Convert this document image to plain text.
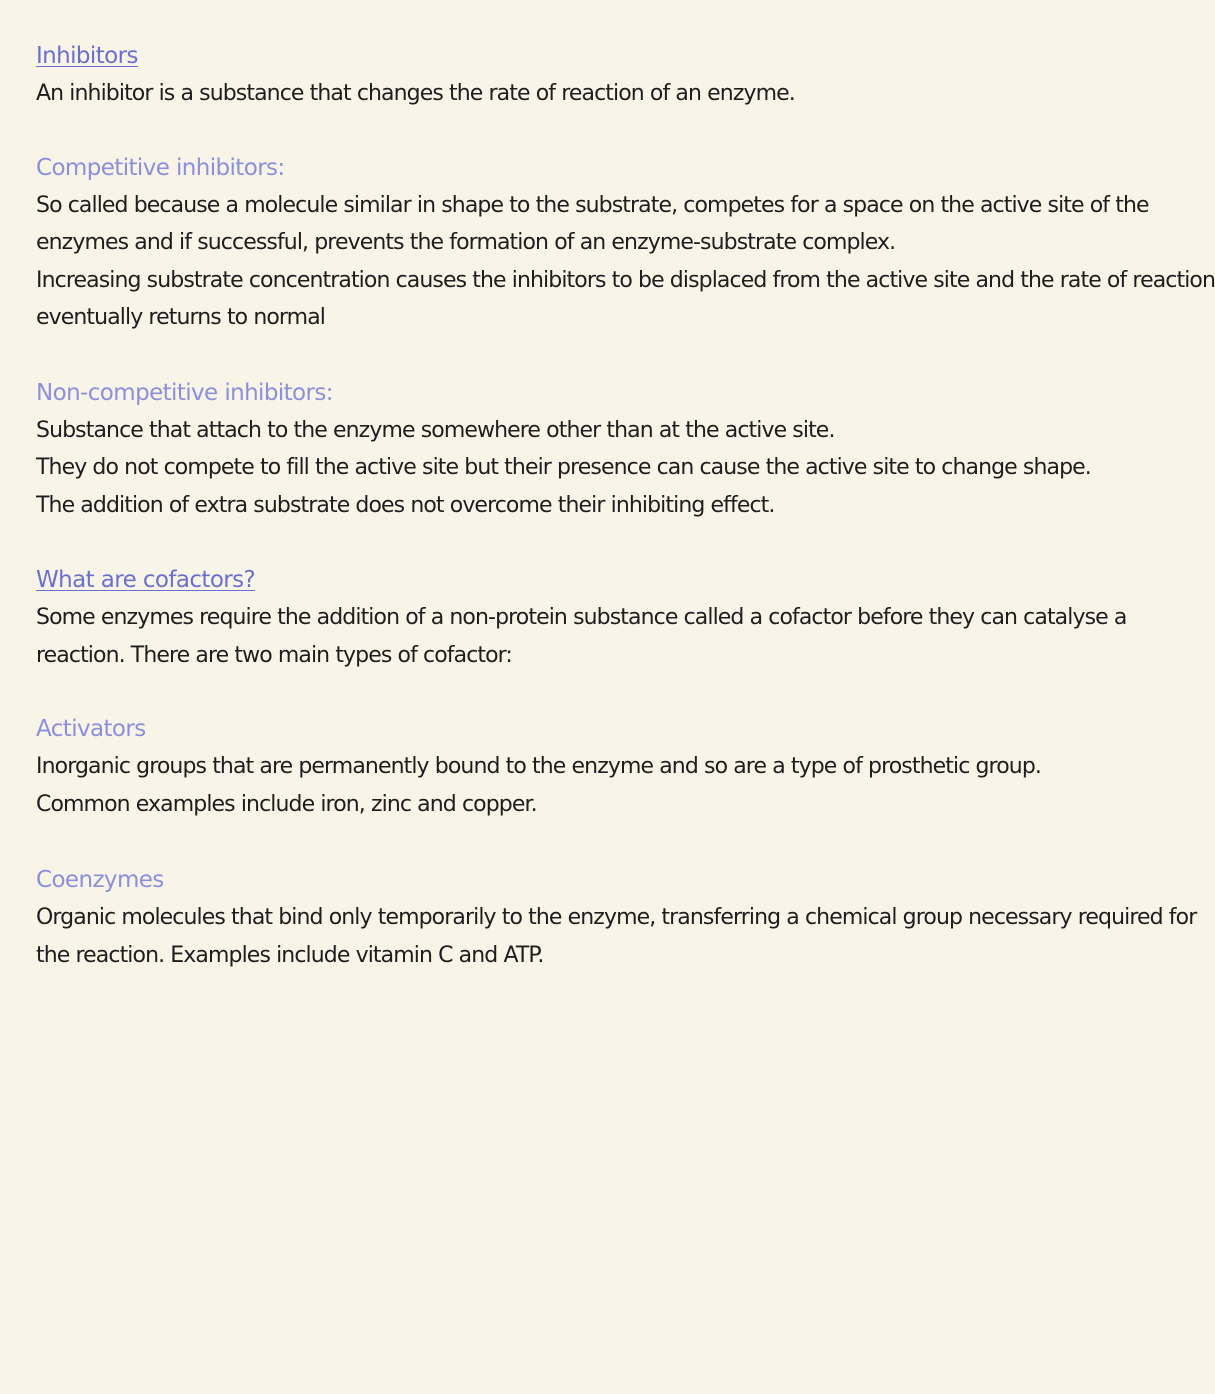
Inhibitors
An inhibitor is a substance that changes the rate of reaction of an enzyme.
Competitive inhibitors:
So called because a molecule similar in shape to the substrate, competes for a space on the active site of the
enzymes and if successful, prevents the formation of an enzyme-substrate complex.
Increasing substrate concentration causes the inhibitors to be displaced from the active site and the rate of reaction
eventually returns to normal
Non-competitive inhibitors:
Substance that attach to the enzyme somewhere other than at the active site.
They do not compete to fill the active site but their presence can cause the active site to change shape.
The addition of extra substrate does not overcome their inhibiting effect.
What are cofactors?
Some enzymes require the addition of a non-protein substance called a cofactor before they can catalyse a
reaction. There are two main types of cofactor:
Activators
Inorganic groups that are permanently bound to the enzyme and so are a type of prosthetic group.
Common examples include iron, zinc and copper.
Coenzymes
Organic molecules that bind only temporarily to the enzyme, transferring a chemical group necessary required for
the reaction. Examples include vitamin C and ATP.
